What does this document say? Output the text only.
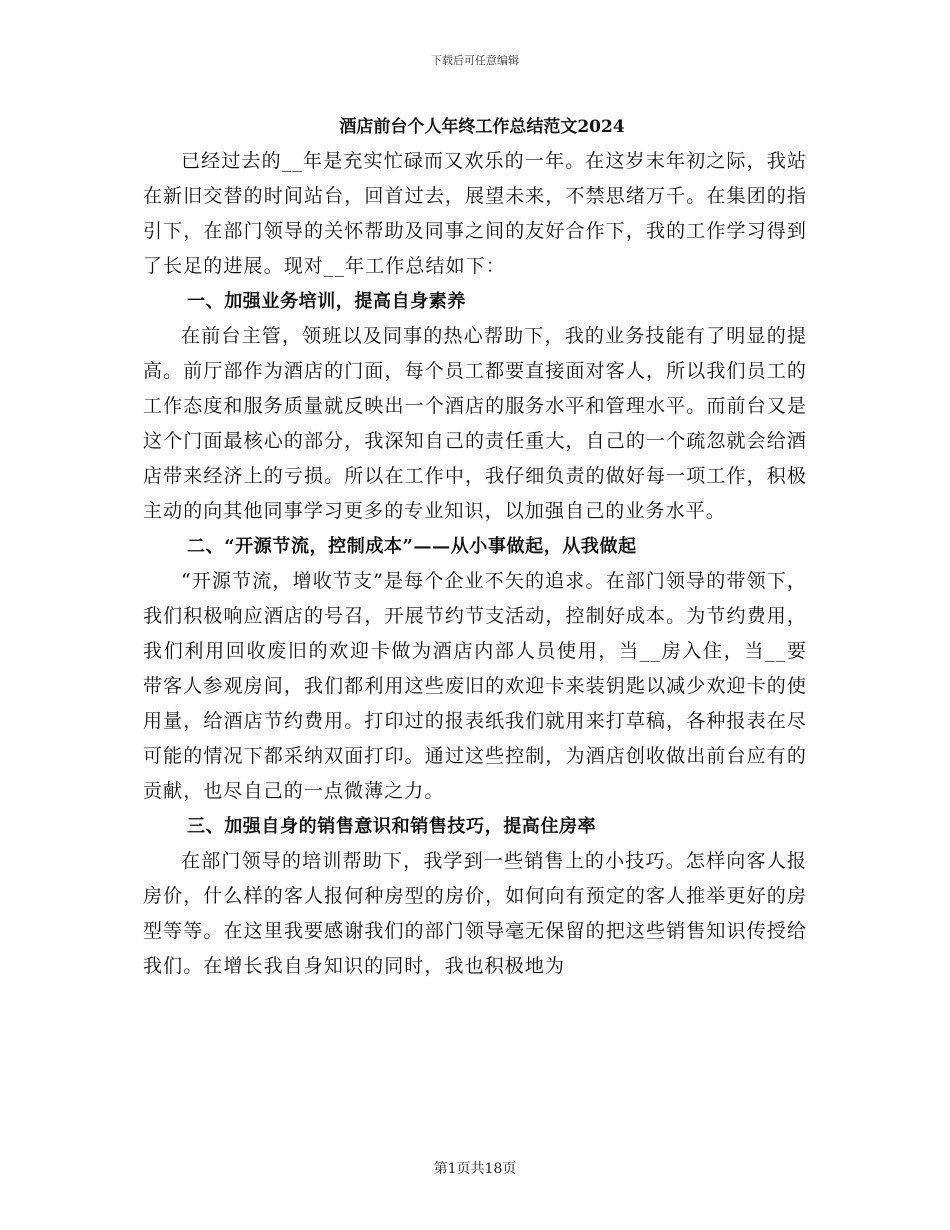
下载后可任意编辑
酒店前台个人年终工作总结范文2024

已经过去的__年是充实忙碌而又欢乐的一年。在这岁末年初之际，我站在新旧交替的时间站台，回首过去，展望未来，不禁思绪万千。在集团的指引下，在部门领导的关怀帮助及同事之间的友好合作下，我的工作学习得到了长足的进展。现对__年工作总结如下：

一、加强业务培训，提高自身素养

在前台主管，领班以及同事的热心帮助下，我的业务技能有了明显的提高。前厅部作为酒店的门面，每个员工都要直接面对客人，所以我们员工的工作态度和服务质量就反映出一个酒店的服务水平和管理水平。而前台又是这个门面最核心的部分，我深知自己的责任重大，自己的一个疏忽就会给酒店带来经济上的亏损。所以在工作中，我仔细负责的做好每一项工作，积极主动的向其他同事学习更多的专业知识，以加强自己的业务水平。

二、“开源节流，控制成本”——从小事做起，从我做起

“开源节流，增收节支”是每个企业不矢的追求。在部门领导的带领下，我们积极响应酒店的号召，开展节约节支活动，控制好成本。为节约费用，我们利用回收废旧的欢迎卡做为酒店内部人员使用，当__房入住，当__要带客人参观房间，我们都利用这些废旧的欢迎卡来装钥匙以减少欢迎卡的使用量，给酒店节约费用。打印过的报表纸我们就用来打草稿，各种报表在尽可能的情况下都采纳双面打印。通过这些控制，为酒店创收做出前台应有的贡献，也尽自己的一点微薄之力。

三、加强自身的销售意识和销售技巧，提高住房率

在部门领导的培训帮助下，我学到一些销售上的小技巧。怎样向客人报房价，什么样的客人报何种房型的房价，如何向有预定的客人推举更好的房型等等。在这里我要感谢我们的部门领导毫无保留的把这些销售知识传授给我们。在增长我自身知识的同时，我也积极地为

第1页共18页
